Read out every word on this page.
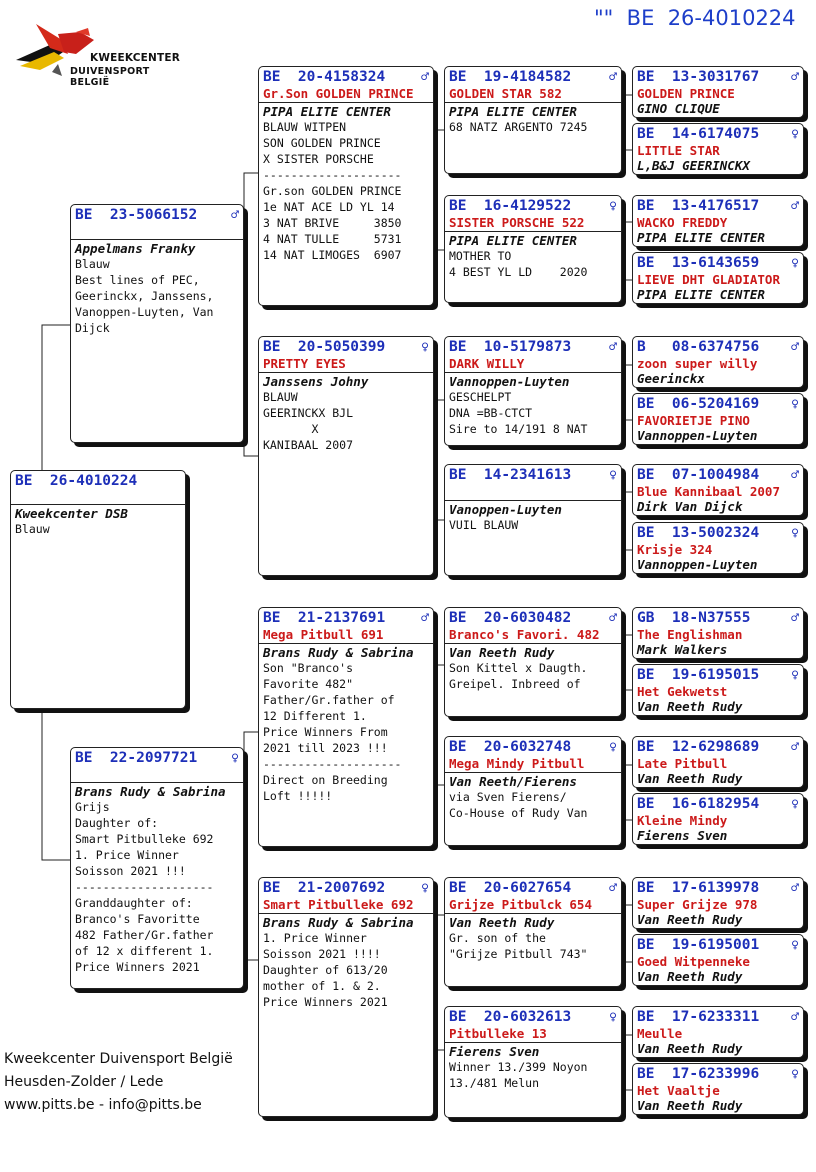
""  BE  26-4010224
KWEEKCENTER
DUIVENSPORT BELGIË
BE  26-4010224
Kweekcenter DSB
Blauw
BE  23-5066152	♂
Appelmans Franky
Blauw
Best lines of PEC,
Geerinckx, Janssens,
Vanoppen-Luyten, Van
Dijck
BE  22-2097721	♀
Brans Rudy & Sabrina
Grijs
Daughter of:
Smart Pitbulleke 692
1. Price Winner
Soisson 2021 !!!
--------------------
Granddaughter of:
Branco's Favoritte
482 Father/Gr.father
of 12 x different 1.
Price Winners 2021
BE  20-4158324	♂
Gr.Son GOLDEN PRINCE
PIPA ELITE CENTER
BLAUW WITPEN
SON GOLDEN PRINCE
X SISTER PORSCHE
--------------------
Gr.son GOLDEN PRINCE
1e NAT ACE LD YL 14
3 NAT BRIVE     3850
4 NAT TULLE     5731
14 NAT LIMOGES  6907
BE  20-5050399	♀
PRETTY EYES
Janssens Johny
BLAUW
GEERINCKX BJL
X
KANIBAAL 2007
BE  21-2137691	♂
Mega Pitbull 691
Brans Rudy & Sabrina
Son "Branco's
Favorite 482"
Father/Gr.father of
12 Different 1.
Price Winners From
2021 till 2023 !!!
--------------------
Direct on Breeding
Loft !!!!!
BE  21-2007692	♀
Smart Pitbulleke 692
Brans Rudy & Sabrina
1. Price Winner
Soisson 2021 !!!!
Daughter of 613/20
mother of 1. & 2.
Price Winners 2021
BE  19-4184582	♂
GOLDEN STAR 582
PIPA ELITE CENTER
68 NATZ ARGENTO 7245
BE  16-4129522	♀
SISTER PORSCHE 522
PIPA ELITE CENTER
MOTHER TO
4 BEST YL LD    2020
BE  10-5179873	♂
DARK WILLY
Vannoppen-Luyten
GESCHELPT
DNA =BB-CTCT
Sire to 14/191 8 NAT
BE  14-2341613	♀
Vanoppen-Luyten
VUIL BLAUW
BE  20-6030482	♂
Branco's Favori. 482
Van Reeth Rudy
Son Kittel x Daugth.
Greipel. Inbreed of
BE  20-6032748	♀
Mega Mindy Pitbull
Van Reeth/Fierens
via Sven Fierens/
Co-House of Rudy Van
BE  20-6027654	♂
Grijze Pitbulck 654
Van Reeth Rudy
Gr. son of the
"Grijze Pitbull 743"
BE  20-6032613	♀
Pitbulleke 13
Fierens Sven
Winner 13./399 Noyon
13./481 Melun
BE  13-3031767 ♂
GOLDEN PRINCE
GINO CLIQUE
BE  14-6174075 ♀
LITTLE STAR
L,B&J GEERINCKX
BE  13-4176517 ♂
WACKO FREDDY
PIPA ELITE CENTER
BE  13-6143659 ♀
LIEVE DHT GLADIATOR
PIPA ELITE CENTER
B   08-6374756 ♂
zoon super willy
Geerinckx
BE  06-5204169 ♀
FAVORIETJE PINO
Vannoppen-Luyten
BE  07-1004984 ♂
Blue Kannibaal 2007
Dirk Van Dijck
BE  13-5002324 ♀
Krisje 324
Vannoppen-Luyten
GB  18-N37555	♂
The Englishman
Mark Walkers
BE  19-6195015 ♀
Het Gekwetst
Van Reeth Rudy
BE  12-6298689 ♂
Late Pitbull
Van Reeth Rudy
BE  16-6182954 ♀
Kleine Mindy
Fierens Sven
BE  17-6139978 ♂
Super Grijze 978
Van Reeth Rudy
BE  19-6195001 ♀
Goed Witpenneke
Van Reeth Rudy
BE  17-6233311 ♂
Meulle
Van Reeth Rudy
BE  17-6233996 ♀
Het Vaaltje
Van Reeth Rudy
Kweekcenter Duivensport België
Heusden-Zolder / Lede
www.pitts.be - info@pitts.be
